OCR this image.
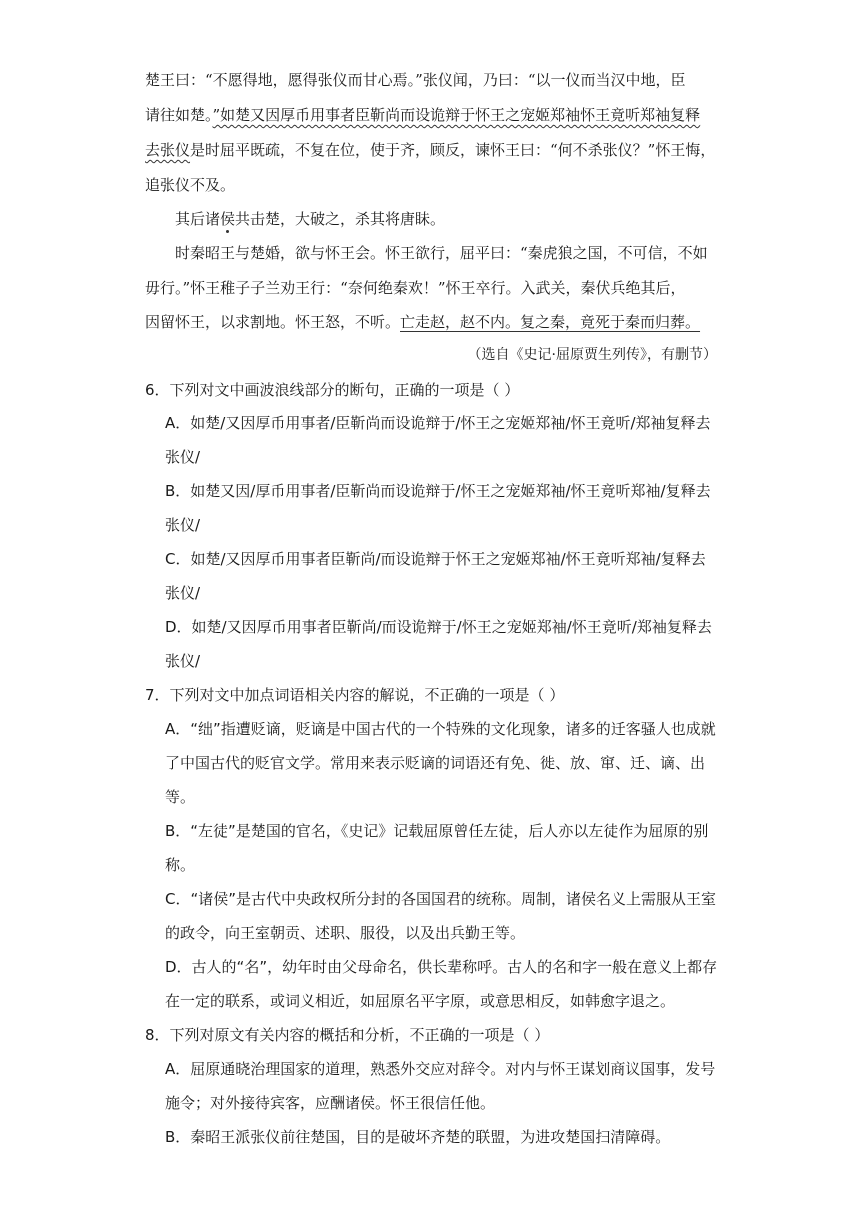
楚王曰：“不愿得地，愿得张仪而甘心焉。”张仪闻，乃曰：“以一仪而当汉中地，臣
请往如楚。”如楚又因厚币用事者臣靳尚而设诡辩于怀王之宠姬郑袖怀王竟听郑袖复释
去张仪是时屈平既疏，不复在位，使于齐，顾反，谏怀王曰：“何不杀张仪？”怀王悔，
追张仪不及。
其后诸侯共击楚，大破之，杀其将唐眛。
时秦昭王与楚婚，欲与怀王会。怀王欲行，屈平曰：“秦虎狼之国，不可信，不如
毋行。”怀王稚子子兰劝王行：“奈何绝秦欢！”怀王卒行。入武关，秦伏兵绝其后，
因留怀王，以求割地。怀王怒，不听。亡走赵，赵不内。复之秦，竟死于秦而归葬。
（选自《史记·屈原贾生列传》，有删节）
6．下列对文中画波浪线部分的断句，正确的一项是（ ）
A．如楚/又因厚币用事者/臣靳尚而设诡辩于/怀王之宠姬郑袖/怀王竟听/郑袖复释去
张仪/
B．如楚又因/厚币用事者/臣靳尚而设诡辩于/怀王之宠姬郑袖/怀王竟听郑袖/复释去
张仪/
C．如楚/又因厚币用事者臣靳尚/而设诡辩于怀王之宠姬郑袖/怀王竟听郑袖/复释去
张仪/
D．如楚/又因厚币用事者臣靳尚/而设诡辩于/怀王之宠姬郑袖/怀王竟听/郑袖复释去
张仪/
7．下列对文中加点词语相关内容的解说，不正确的一项是（ ）
A．“绌”指遭贬谪，贬谪是中国古代的一个特殊的文化现象，诸多的迁客骚人也成就
了中国古代的贬官文学。常用来表示贬谪的词语还有免、徙、放、窜、迁、谪、出
等。
B．“左徒”是楚国的官名，《史记》记载屈原曾任左徒，后人亦以左徒作为屈原的别
称。
C．“诸侯”是古代中央政权所分封的各国国君的统称。周制，诸侯名义上需服从王室
的政令，向王室朝贡、述职、服役，以及出兵勤王等。
D．古人的“名”，幼年时由父母命名，供长辈称呼。古人的名和字一般在意义上都存
在一定的联系，或词义相近，如屈原名平字原，或意思相反，如韩愈字退之。
8．下列对原文有关内容的概括和分析，不正确的一项是（ ）
A．屈原通晓治理国家的道理，熟悉外交应对辞令。对内与怀王谋划商议国事，发号
施令；对外接待宾客，应酬诸侯。怀王很信任他。
B．秦昭王派张仪前往楚国，目的是破坏齐楚的联盟，为进攻楚国扫清障碍。
